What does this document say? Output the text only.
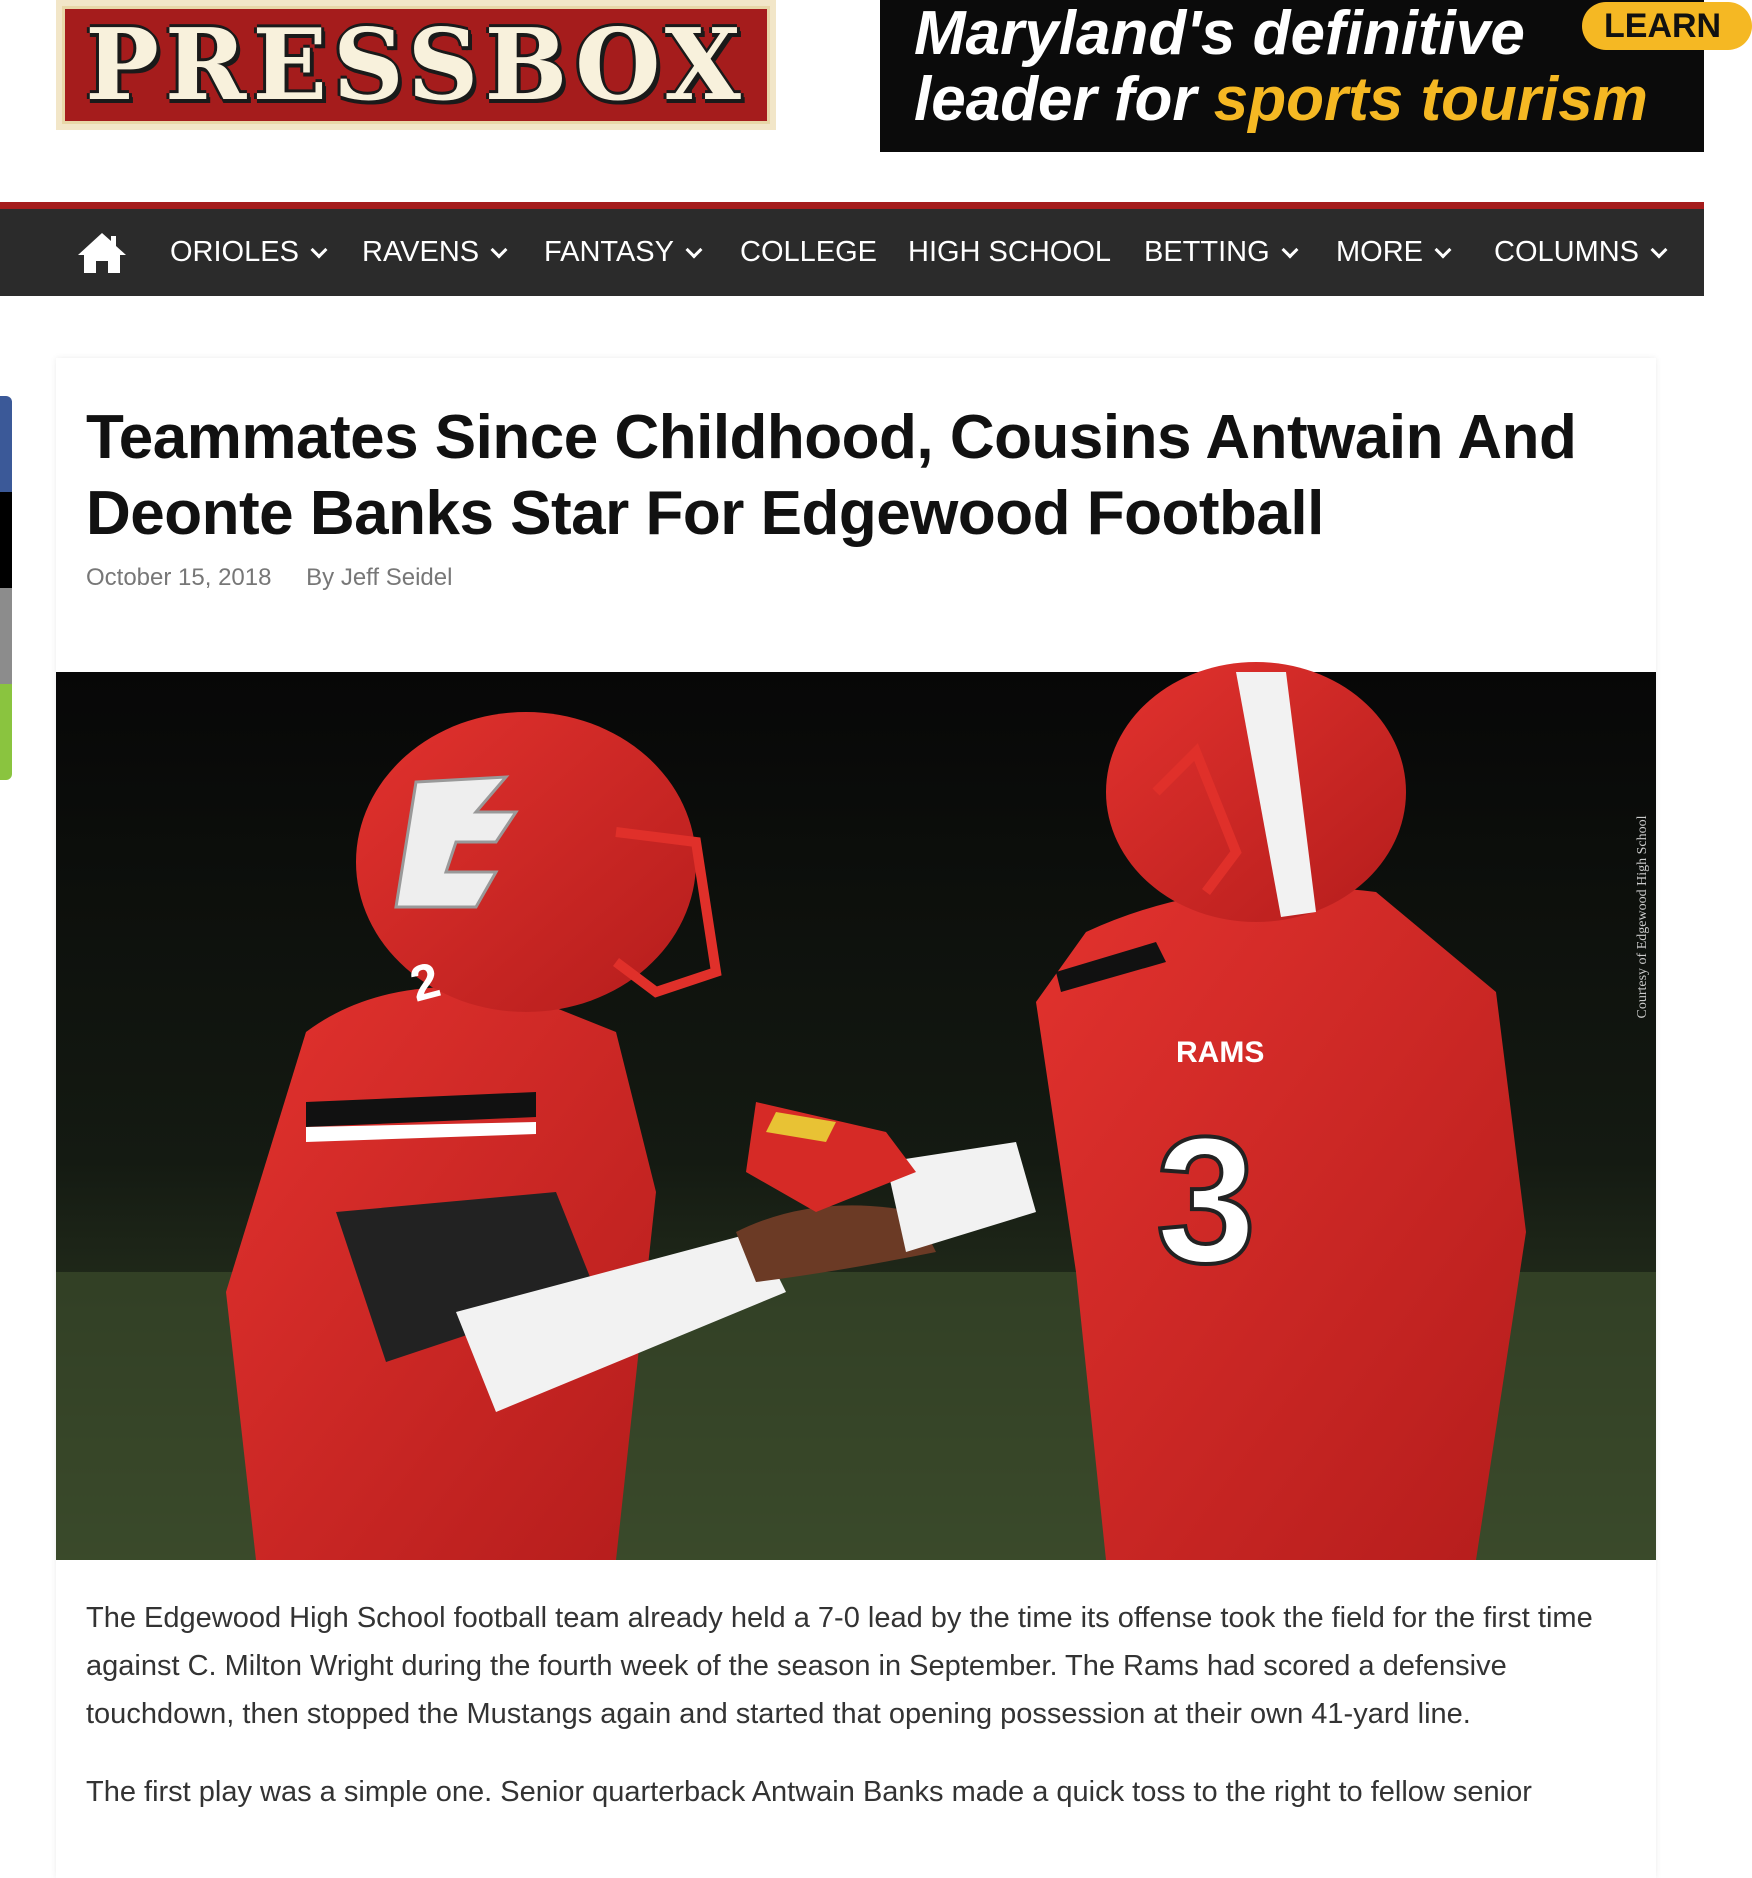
PRESSBOX	Maryland's definitive
leader for sports tourism
LEARN
ORIOLES RAVENS FANTASY COLLEGE HIGH SCHOOL BETTING MORE COLUMNS
Teammates Since Childhood, Cousins Antwain And Deonte Banks Star For Edgewood Football
October 15, 2018 By Jeff Seidel
2
RAMS
3
Courtesy of Edgewood High School

The Edgewood High School football team already held a 7-0 lead by the time its offense took the field for the first time against C. Milton Wright during the fourth week of the season in September. The Rams had scored a defensive touchdown, then stopped the Mustangs again and started that opening possession at their own 41-yard line.

The first play was a simple one. Senior quarterback Antwain Banks made a quick toss to the right to fellow senior
